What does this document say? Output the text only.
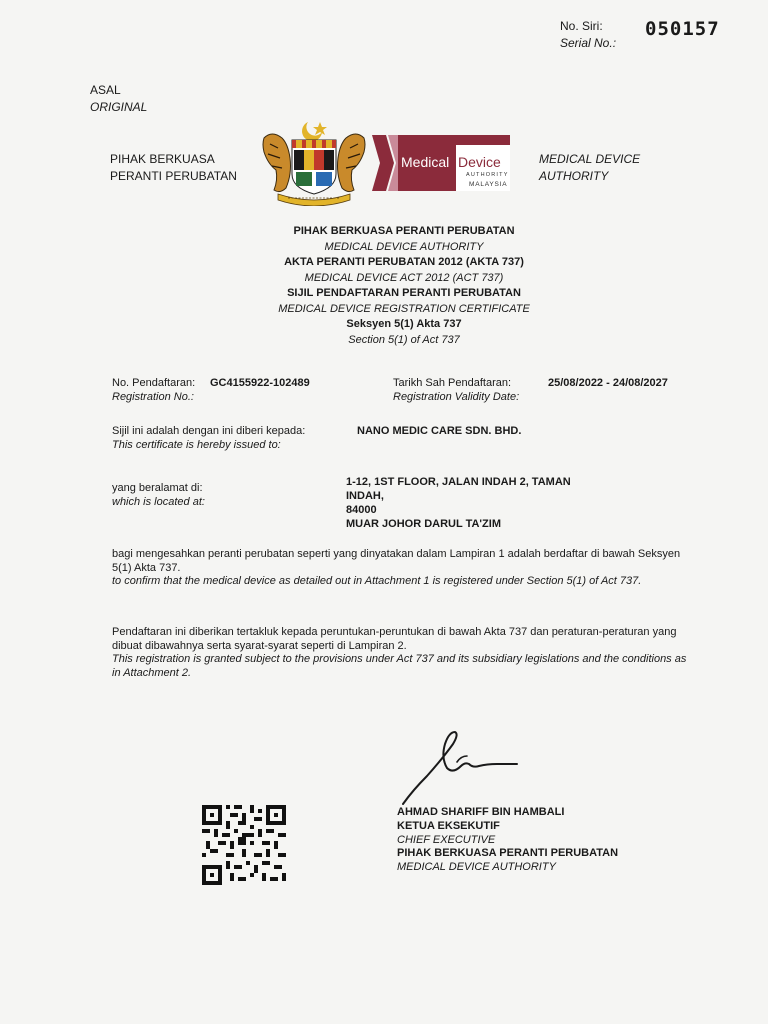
No. Siri:
Serial No.:
050157
ASAL
ORIGINAL
PIHAK BERKUASA
PERANTI PERUBATAN
MEDICAL DEVICE
AUTHORITY
Medical Device
AUTHORITY
MALAYSIA
PIHAK BERKUASA PERANTI PERUBATAN
MEDICAL DEVICE AUTHORITY
AKTA PERANTI PERUBATAN 2012 (AKTA 737)
MEDICAL DEVICE ACT 2012 (ACT 737)
SIJIL PENDAFTARAN PERANTI PERUBATAN
MEDICAL DEVICE REGISTRATION CERTIFICATE
Seksyen 5(1) Akta 737
Section 5(1) of Act 737
No. Pendaftaran:
Registration No.:
GC4155922-102489	Tarikh Sah Pendaftaran:
Registration Validity Date:
25/08/2022 - 24/08/2027
Sijil ini adalah dengan ini diberi kepada:
This certificate is hereby issued to:
NANO MEDIC CARE SDN. BHD.
yang beralamat di:
which is located at:
1-12, 1ST FLOOR, JALAN INDAH 2, TAMAN
INDAH,
84000
MUAR JOHOR DARUL TA'ZIM
bagi mengesahkan peranti perubatan seperti yang dinyatakan dalam Lampiran 1 adalah berdaftar di bawah Seksyen 5(1) Akta 737.
to confirm that the medical device as detailed out in Attachment 1 is registered under Section 5(1) of Act 737.
Pendaftaran ini diberikan tertakluk kepada peruntukan-peruntukan di bawah Akta 737 dan peraturan-peraturan yang dibuat dibawahnya serta syarat-syarat seperti di Lampiran 2.
This registration is granted subject to the provisions under Act 737 and its subsidiary legislations and the conditions as in Attachment 2.
AHMAD SHARIFF BIN HAMBALI
KETUA EKSEKUTIF
CHIEF EXECUTIVE
PIHAK BERKUASA PERANTI PERUBATAN
MEDICAL DEVICE AUTHORITY
